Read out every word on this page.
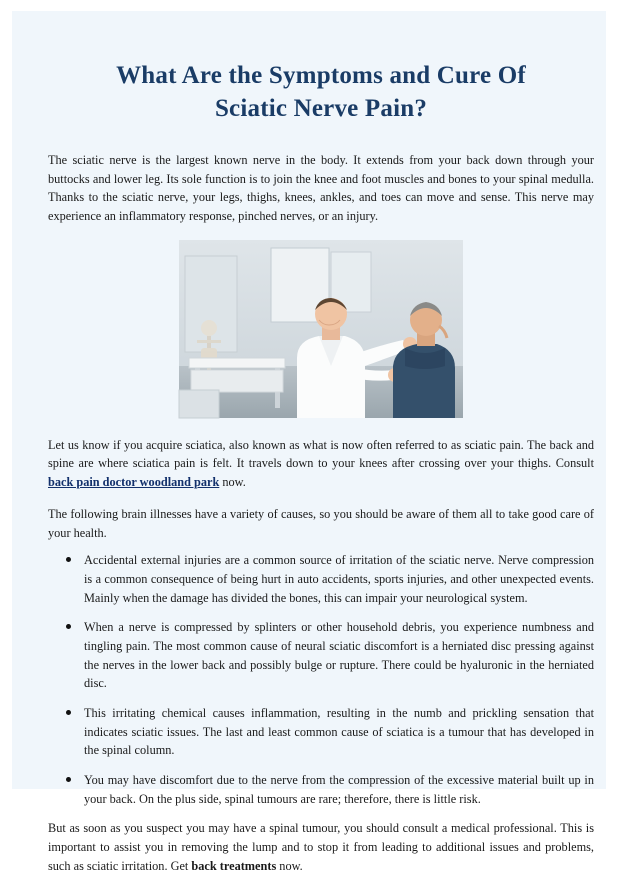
What Are the Symptoms and Cure Of Sciatic Nerve Pain?

The sciatic nerve is the largest known nerve in the body. It extends from your back down through your buttocks and lower leg. Its sole function is to join the knee and foot muscles and bones to your spinal medulla. Thanks to the sciatic nerve, your legs, thighs, knees, ankles, and toes can move and sense. This nerve may experience an inflammatory response, pinched nerves, or an injury.

Let us know if you acquire sciatica, also known as what is now often referred to as sciatic pain. The back and spine are where sciatica pain is felt. It travels down to your knees after crossing over your thighs. Consult back pain doctor woodland park now.

The following brain illnesses have a variety of causes, so you should be aware of them all to take good care of your health.

Accidental external injuries are a common source of irritation of the sciatic nerve. Nerve compression is a common consequence of being hurt in auto accidents, sports injuries, and other unexpected events. Mainly when the damage has divided the bones, this can impair your neurological system.
When a nerve is compressed by splinters or other household debris, you experience numbness and tingling pain. The most common cause of neural sciatic discomfort is a herniated disc pressing against the nerves in the lower back and possibly bulge or rupture. There could be hyaluronic in the herniated disc.
This irritating chemical causes inflammation, resulting in the numb and prickling sensation that indicates sciatic issues. The last and least common cause of sciatica is a tumour that has developed in the spinal column.
You may have discomfort due to the nerve from the compression of the excessive material built up in your back. On the plus side, spinal tumours are rare; therefore, there is little risk.

But as soon as you suspect you may have a spinal tumour, you should consult a medical professional. This is important to assist you in removing the lump and to stop it from leading to additional issues and problems, such as sciatic irritation. Get back treatments now.
